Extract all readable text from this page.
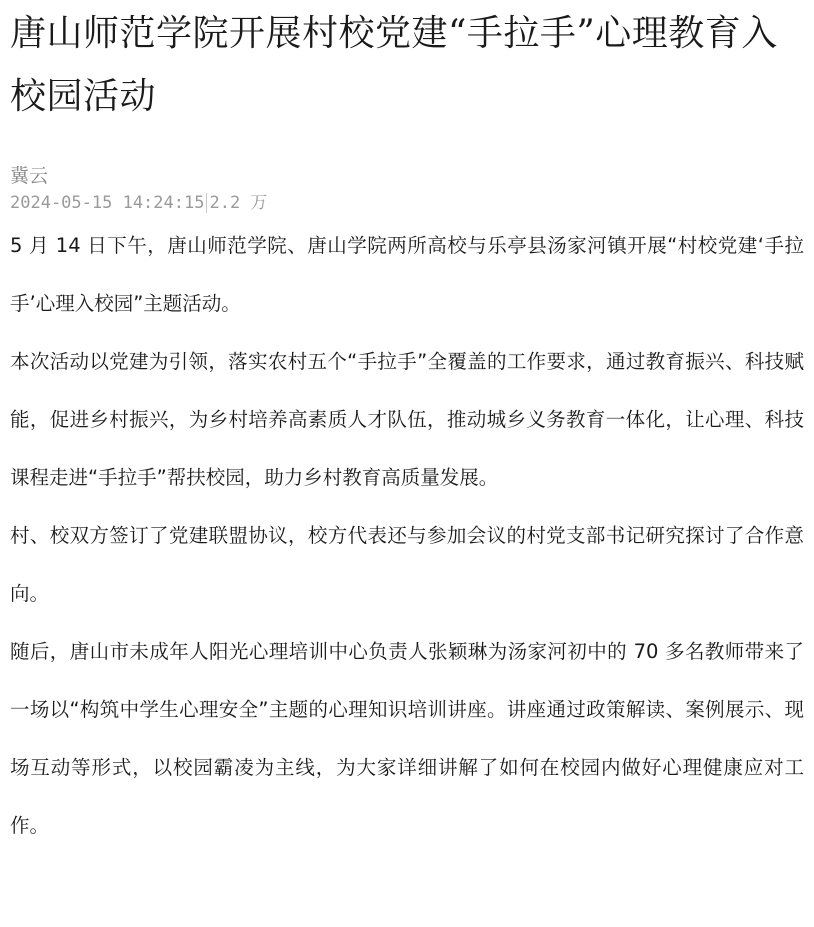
唐山师范学院开展村校党建“手拉手”心理教育入校园活动
冀云
2024-05-15 14:24:15 2.2 万

5 月 14 日下午，唐山师范学院、唐山学院两所高校与乐亭县汤家河镇开展“村校党建‘手拉手’心理入校园”主题活动。

本次活动以党建为引领，落实农村五个“手拉手”全覆盖的工作要求，通过教育振兴、科技赋能，促进乡村振兴，为乡村培养高素质人才队伍，推动城乡义务教育一体化，让心理、科技课程走进“手拉手”帮扶校园，助力乡村教育高质量发展。

村、校双方签订了党建联盟协议，校方代表还与参加会议的村党支部书记研究探讨了合作意向。

随后，唐山市未成年人阳光心理培训中心负责人张颖琳为汤家河初中的 70 多名教师带来了一场以“构筑中学生心理安全”主题的心理知识培训讲座。讲座通过政策解读、案例展示、现场互动等形式，以校园霸凌为主线，为大家详细讲解了如何在校园内做好心理健康应对工作。
